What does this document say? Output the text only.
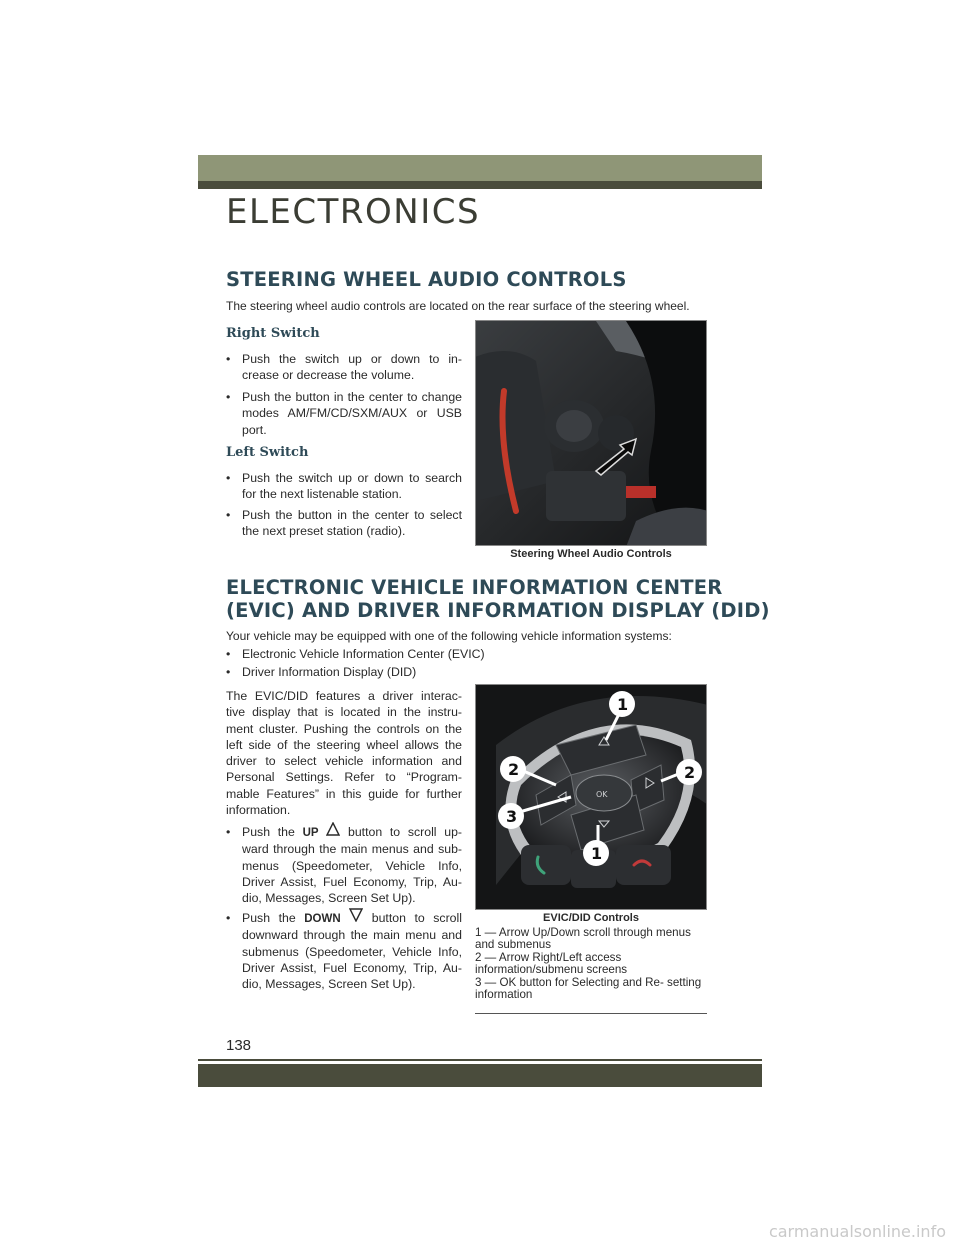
ELECTRONICS
STEERING WHEEL AUDIO CONTROLS
The steering wheel audio controls are located on the rear surface of the steering wheel.
Right Switch
• Push the switch up or down to in- crease or decrease the volume.
• Push the button in the center to change modes AM/FM/CD/SXM/AUX or USB port.
Left Switch
• Push the switch up or down to search for the next listenable station.
• Push the button in the center to select the next preset station (radio).
Steering Wheel Audio Controls
ELECTRONIC VEHICLE INFORMATION CENTER
(EVIC) AND DRIVER INFORMATION DISPLAY (DID)
Your vehicle may be equipped with one of the following vehicle information systems:
• Electronic Vehicle Information Center (EVIC)
• Driver Information Display (DID)
The EVIC/DID features a driver interac- tive display that is located in the instru- ment cluster. Pushing the controls on the left side of the steering wheel allows the driver to select vehicle information and Personal Settings. Refer to “Program- mable Features” in this guide for further information.
• Push the UP button to scroll up- ward through the main menus and sub- menus (Speedometer, Vehicle Info, Driver Assist, Fuel Economy, Trip, Au- dio, Messages, Screen Set Up).
• Push the DOWN	button to scroll downward through the main menu and submenus (Speedometer, Vehicle Info, Driver Assist, Fuel Economy, Trip, Au- dio, Messages, Screen Set Up).
OK
1
2	2
3
1
EVIC/DID Controls
1 — Arrow Up/Down scroll through menus and submenus
2 — Arrow Right/Left access information/submenu screens
3 — OK button for Selecting and Re- setting information
138
carmanualsonline.info
